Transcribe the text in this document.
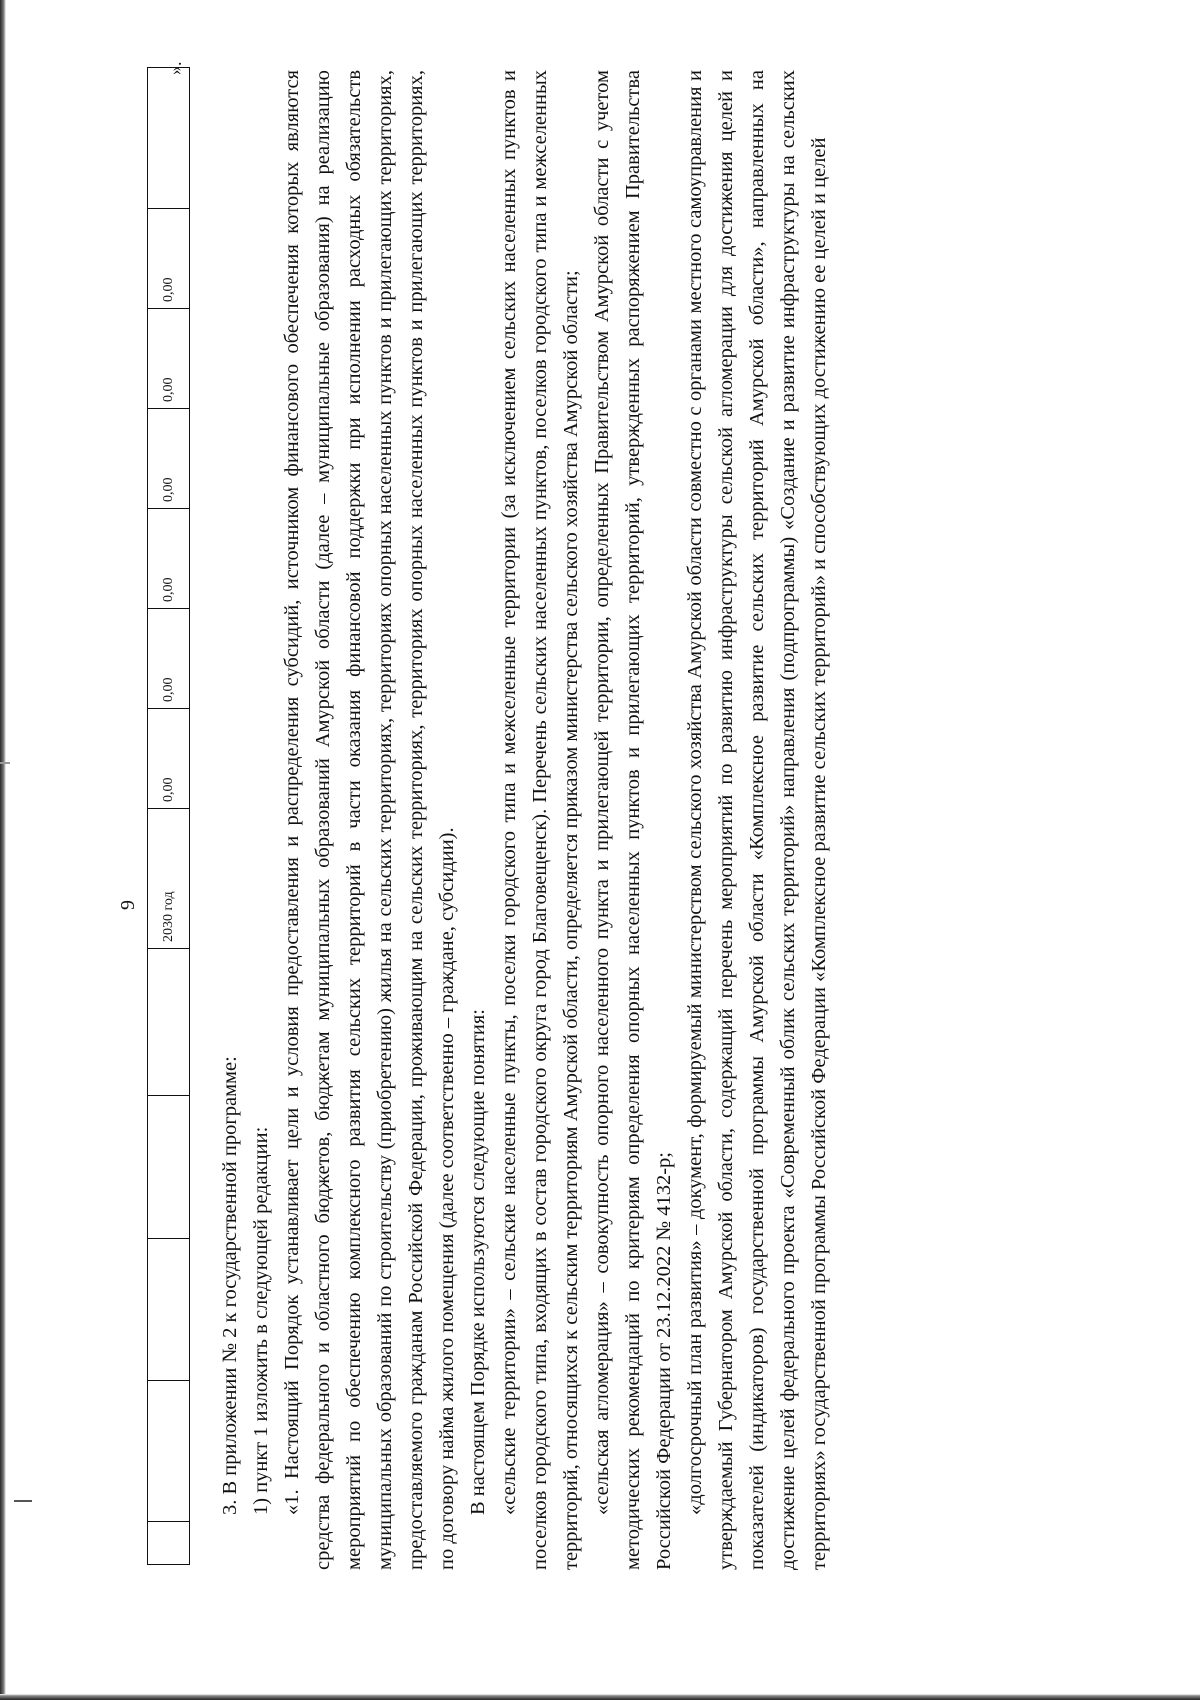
9
».
					2030 год	0,00	0,00	0,00	0,00	0,00	0,00	

3. В приложении № 2 к государственной программе: 1) пункт 1 изложить в следующей редакции: «1. Настоящий Порядок устанавливает цели и условия предоставления и распределения субсидий, источником финансового обеспечения которых являются средства федерального и областного бюджетов, бюджетам муниципальных образований Амурской области (далее – муниципальные образования) на реализацию мероприятий по обеспечению комплексного развития сельских территорий в части оказания финансовой поддержки при исполнении расходных обязательств муниципальных образований по строительству (приобретению) жилья на сельских территориях, территориях опорных населенных пунктов и прилегающих территориях, предоставляемого гражданам Российской Федерации, проживающим на сельских территориях, территориях опорных населенных пунктов и прилегающих территориях, по договору найма жилого помещения (далее соответственно – граждане, субсидии). В настоящем Порядке используются следующие понятия: «сельские территории» – сельские населенные пункты, поселки городского типа и межселенные территории (за исключением сельских населенных пунктов и поселков городского типа, входящих в состав городского округа город Благовещенск). Перечень сельских населенных пунктов, поселков городского типа и межселенных территорий, относящихся к сельским территориям Амурской области, определяется приказом министерства сельского хозяйства Амурской области; «сельская агломерация» – совокупность опорного населенного пункта и прилегающей территории, определенных Правительством Амурской области с учетом методических рекомендаций по критериям определения опорных населенных пунктов и прилегающих территорий, утвержденных распоряжением Правительства Российской Федерации от 23.12.2022 № 4132-р; «долгосрочный план развития» – документ, формируемый министерством сельского хозяйства Амурской области совместно с органами местного самоуправления и утверждаемый Губернатором Амурской области, содержащий перечень мероприятий по развитию инфраструктуры сельской агломерации для достижения целей и показателей (индикаторов) государственной программы Амурской области «Комплексное развитие сельских территорий Амурской области», направленных на достижение целей федерального проекта «Современный облик сельских территорий» направления (подпрограммы) «Создание и развитие инфраструктуры на сельских территориях» государственной программы Российской Федерации «Комплексное развитие сельских территорий» и способствующих достижению ее целей и целей
